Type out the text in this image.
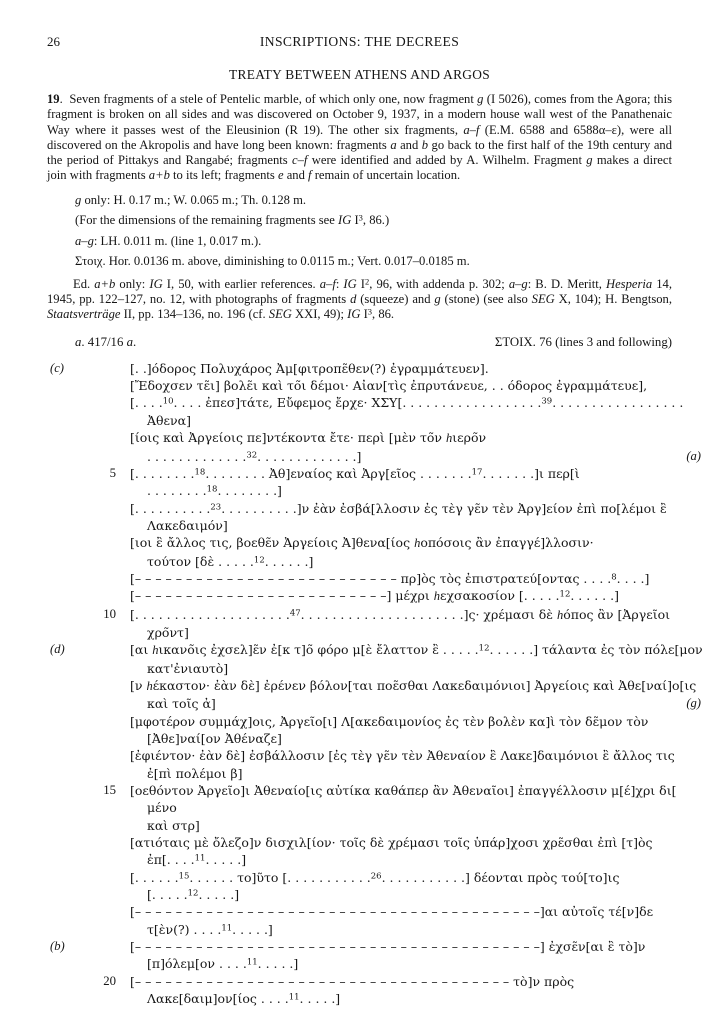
26	INSCRIPTIONS: THE DECREES
TREATY BETWEEN ATHENS AND ARGOS

19.  Seven fragments of a stele of Pentelic marble, of which only one, now fragment g (I 5026), comes from the Agora; this fragment is broken on all sides and was discovered on October 9, 1937, in a modern house wall west of the Panathenaic Way where it passes west of the Eleusinion (R 19). The other six fragments, a–f (E.M. 6588 and 6588α–ε), were all discovered on the Akropolis and have long been known: fragments a and b go back to the first half of the 19th century and the period of Pittakys and Rangabé; fragments c–f were identified and added by A. Wilhelm. Fragment g makes a direct join with fragments a+b to its left; fragments e and f remain of uncertain location.

g only: H. 0.17 m.; W. 0.065 m.; Th. 0.128 m.

(For the dimensions of the remaining fragments see IG $I^3$, 86.)

a–g: LH. 0.011 m. (line 1, 0.017 m.).

Στοιχ. Hor. 0.0136 m. above, diminishing to 0.0115 m.; Vert. 0.017–0.0185 m.

Ed. a+b only: IG I, 50, with earlier references. a–f: IG $I^2$, 96, with addenda p. 302; a–g: B. D. Meritt, Hesperia 14, 1945, pp. 122–127, no. 12, with photographs of fragments d (squeeze) and g (stone) (see also SEG X, 104); H. Bengtson, Staatsverträge II, pp. 134–136, no. 196 (cf. SEG XXI, 49); IG $I^3$, 86.

a. 417/16 a.	ΣΤΟΙΧ. 76 (lines 3 and following)
(c)	[. .]όδορος Πολυχάρος Ἀμ[φιτροπε̃θεν(?) ἐγραμμάτευεν].
[Ἔδοχσεν τε̃ι] βολε̃ι καὶ το̃ι δέμοι· Αἰαν[τὶς ἐπρυτάνευε, . . όδορος ἐγραμμάτευε],
[. . . .$^{10}$. . . . ἐπεσ]τάτε, Εὔφεμος ἔρχε· ΧΣΥ[. . . . . . . . . . . . . . . . . .$^{39}$. . . . . . . . . . . . . . . . .
Ἀθενα]
[ίοις καὶ Ἀργείοις πε]ντέκοντα ἔτε· περὶ [μὲν το̃ν hιερο̃ν
. . . . . . . . . . . . .$^{32}$. . . . . . . . . . . . .]	(a)
5 [. . . . . . . .$^{18}$. . . . . . . . Ἀθ]εναίος καὶ Ἀργ[εῖος . . . . . . .$^{17}$. . . . . . .]ι περ[ὶ
. . . . . . . .$^{18}$. . . . . . . .]
[. . . . . . . . . .$^{23}$. . . . . . . . . .]ν ἐὰν ἐσβά[λλοσιν ἐς τὲγ γε̃ν τὲν Ἀργ]είον ἐπὶ πο[λέμοι ἒ
Λακεδαιμόν]
[ιοι ἒ ἄλλος τις, βοεθε̃ν Ἀργείοις Ἀ]θενα[ίος hοπόσοις ἂν ἐπαγγέ]λλοσιν·
τούτον [δὲ . . . . .$^{12}$. . . . . .]
[– – – – – – – – – – – – – – – – – – – – – – – – – – πρ]ὸς τὸς ἐπιστρατεύ[οντας . . . .$^8$. . . .]
[– – – – – – – – – – – – – – – – – – – – – – – – –] μέχρι hεχσακοσίον [. . . . .$^{12}$. . . . . .]
10 [. . . . . . . . . . . . . . . . . . . .$^{47}$. . . . . . . . . . . . . . . . . . . . .]ς· χρέμασι δὲ hόπος ἂν [Ἀργεῖοι
χρο̃ντ]
(d)	[αι hικανο̃ις ἐχσελ]ε̃ν ἐ[κ τ]ο̃ φόρο μ[ὲ ἔλαττον ἒ . . . . .$^{12}$. . . . . .] τάλαντα ἐς τὸν πόλε[μον
κατ'ἐνιαυτὸ]
[ν hέκαστον· ἐὰν δὲ] ἐρένεν βόλον[ται ποε̃σθαι Λακεδαιμόνιοι] Ἀργείοις καὶ Ἀθε[ναί]ο[ις
καὶ τοῖς ἀ]	(g)
[μφοτέρον συμμάχ]οις, Ἀργεῖο[ι] Λ[ακεδαιμονίος ἐς τὲν βολὲν κα]ὶ τὸν δε̃μον τὸν
[Ἀθε]ναί[ον Ἀθέναζε]
[ἐφιέντον· ἐὰν δὲ] ἐσβάλλοσιν [ἐς τὲγ γε̃ν τὲν Ἀθεναίον ἒ Λακε]δαιμόνιοι ἒ ἄλλος τις
ἐ[πὶ πολέμοι β]
15 [οεθόντον Ἀργεῖο]ι Ἀθεναίο[ις αὐτίκα καθάπερ ἂν Ἀθεναῖοι] ἐπαγγέλλοσιν μ[έ]χρι δι[
μένο
καὶ στρ]
[ατιόταις μὲ ὄλεζο]ν δισχιλ[ίον· τοῖς δὲ χρέμασι τοῖς ὑπάρ]χοσι χρε̃σθαι ἐπὶ [τ]ὸς
ἐπ[. . . .$^{11}$. . . . .]
[. . . . . .$^{15}$. . . . . . το]ῦτο [. . . . . . . . . . .$^{26}$. . . . . . . . . . .] δέονται πρὸς τού[το]ις
[. . . . .$^{12}$. . . . .]
[– – – – – – – – – – – – – – – – – – – – – – – – – – – – – – – – – – – – – – – –]αι αὐτοῖς τέ[ν]δε
τ[ὲν(?) . . . .$^{11}$. . . . .]
(b)	[– – – – – – – – – – – – – – – – – – – – – – – – – – – – – – – – – – – – – – – –] ἐχσε̃ν[αι ἒ τὸ]ν
[π]όλεμ[ον . . . .$^{11}$. . . . .]
20 [– – – – – – – – – – – – – – – – – – – – – – – – – – – – – – – – – – – – – τὸ]ν πρὸς
Λακε[δαιμ]ον[ίος . . . .$^{11}$. . . . .]
